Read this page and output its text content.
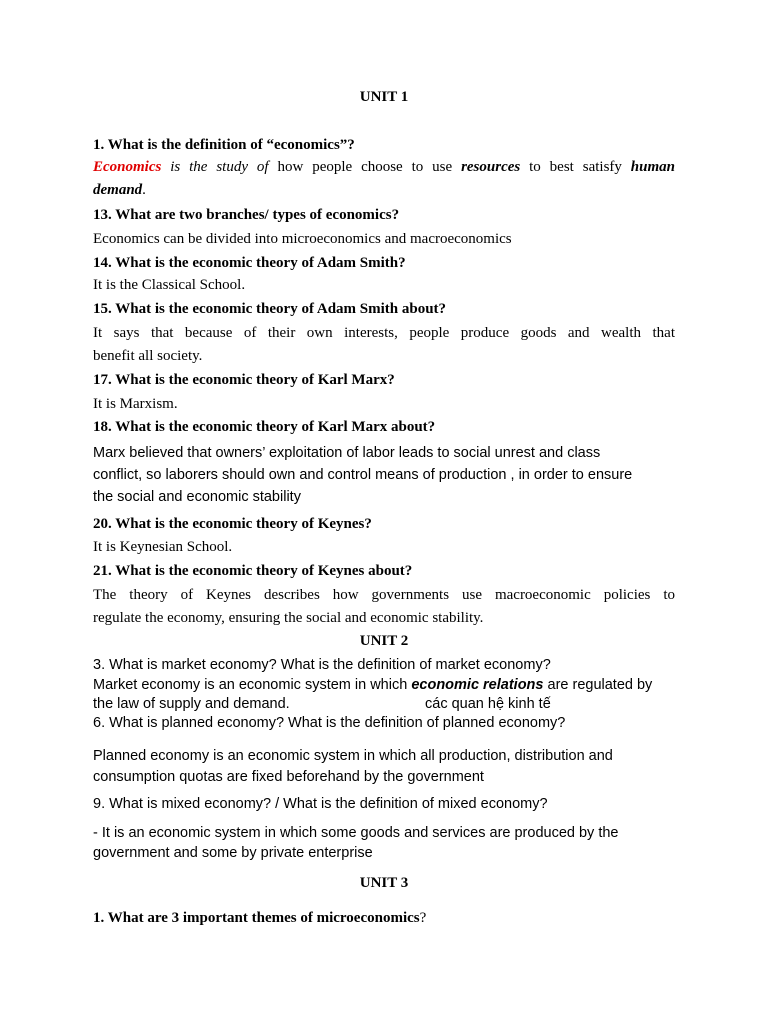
UNIT 1
1. What is the definition of “economics”?
Economics is the study of how people choose to use resources to best satisfy human
demand.
13. What are two branches/ types of economics?
Economics can be divided into microeconomics and macroeconomics
14. What is the economic theory of Adam Smith?
It is the Classical School.
15. What is the economic theory of Adam Smith about?
It says that because of their own interests, people produce goods and wealth that
benefit all society.
17. What is the economic theory of Karl Marx?
It is Marxism.
18. What is the economic theory of Karl Marx about?
Marx believed that owners’ exploitation of labor leads to social unrest and class
conflict, so laborers should own and control means of production , in order to ensure
the social and economic stability
20. What is the economic theory of Keynes?
It is Keynesian School.
21. What is the economic theory of Keynes about?
The theory of Keynes describes how governments use macroeconomic policies to
regulate the economy, ensuring the social and economic stability.
UNIT 2
3. What is market economy? What is the definition of market economy?
Market economy is an economic system in which economic relations are regulated by
the law of supply and demand.	các quan hệ kinh tế
6. What is planned economy? What is the definition of planned economy?
Planned economy is an economic system in which all production, distribution and
consumption quotas are fixed beforehand by the government
9. What is mixed economy? / What is the definition of mixed economy?
- It is an economic system in which some goods and services are produced by the
government and some by private enterprise
UNIT 3
1. What are 3 important themes of microeconomics?
